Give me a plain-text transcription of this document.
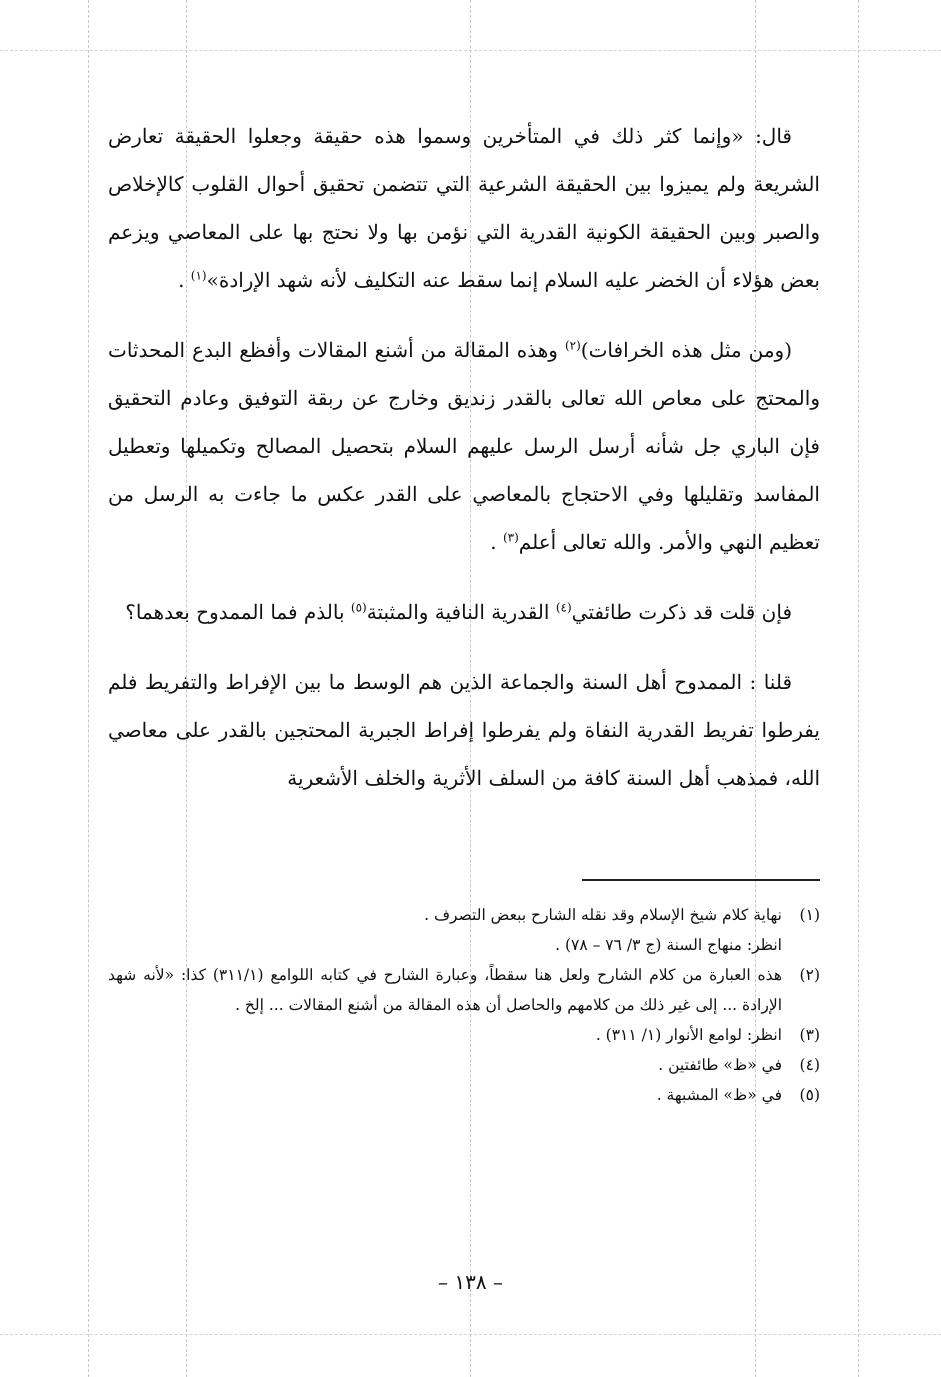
قال: «وإنما كثر ذلك في المتأخرين وسموا هذه حقيقة وجعلوا الحقيقة تعارض الشريعة ولم يميزوا بين الحقيقة الشرعية التي تتضمن تحقيق أحوال القلوب كالإخلاص والصبر وبين الحقيقة الكونية القدرية التي نؤمن بها ولا نحتج بها على المعاصي ويزعم بعض هؤلاء أن الخضر عليه السلام إنما سقط عنه التكليف لأنه شهد الإرادة»$^{(١)}$ .

(ومن مثل هذه الخرافات)$^{(٢)}$ وهذه المقالة من أشنع المقالات وأفظع البدع المحدثات والمحتج على معاص الله تعالى بالقدر زنديق وخارج عن ربقة التوفيق وعادم التحقيق فإن الباري جل شأنه أرسل الرسل عليهم السلام بتحصيل المصالح وتكميلها وتعطيل المفاسد وتقليلها وفي الاحتجاج بالمعاصي على القدر عكس ما جاءت به الرسل من تعظيم النهي والأمر. والله تعالى أعلم$^{(٣)}$ .

فإن قلت قد ذكرت طائفتي$^{(٤)}$ القدرية النافية والمثبتة$^{(٥)}$ بالذم فما الممدوح بعدهما؟

قلنا : الممدوح أهل السنة والجماعة الذين هم الوسط ما بين الإفراط والتفريط فلم يفرطوا تفريط القدرية النفاة ولم يفرطوا إفراط الجبرية المحتجين بالقدر على معاصي الله، فمذهب أهل السنة كافة من السلف الأثرية والخلف الأشعرية

(١)
نهاية كلام شيخ الإسلام وقد نقله الشارح ببعض التصرف .
انظر: منهاج السنة (ج ٣/ ٧٦ – ٧٨) .
(٢)
هذه العبارة من كلام الشارح ولعل هنا سقطاً، وعبارة الشارح في كتابه اللوامع (٣١١/١) كذا: «لأنه شهد الإرادة ... إلى غير ذلك من كلامهم والحاصل أن هذه المقالة من أشنع المقالات ... إلخ .
(٣)
انظر: لوامع الأنوار (١/ ٣١١) .
(٤)
في «ظ» طائفتين .
(٥)
في «ظ» المشبهة .
– ١٣٨ –
